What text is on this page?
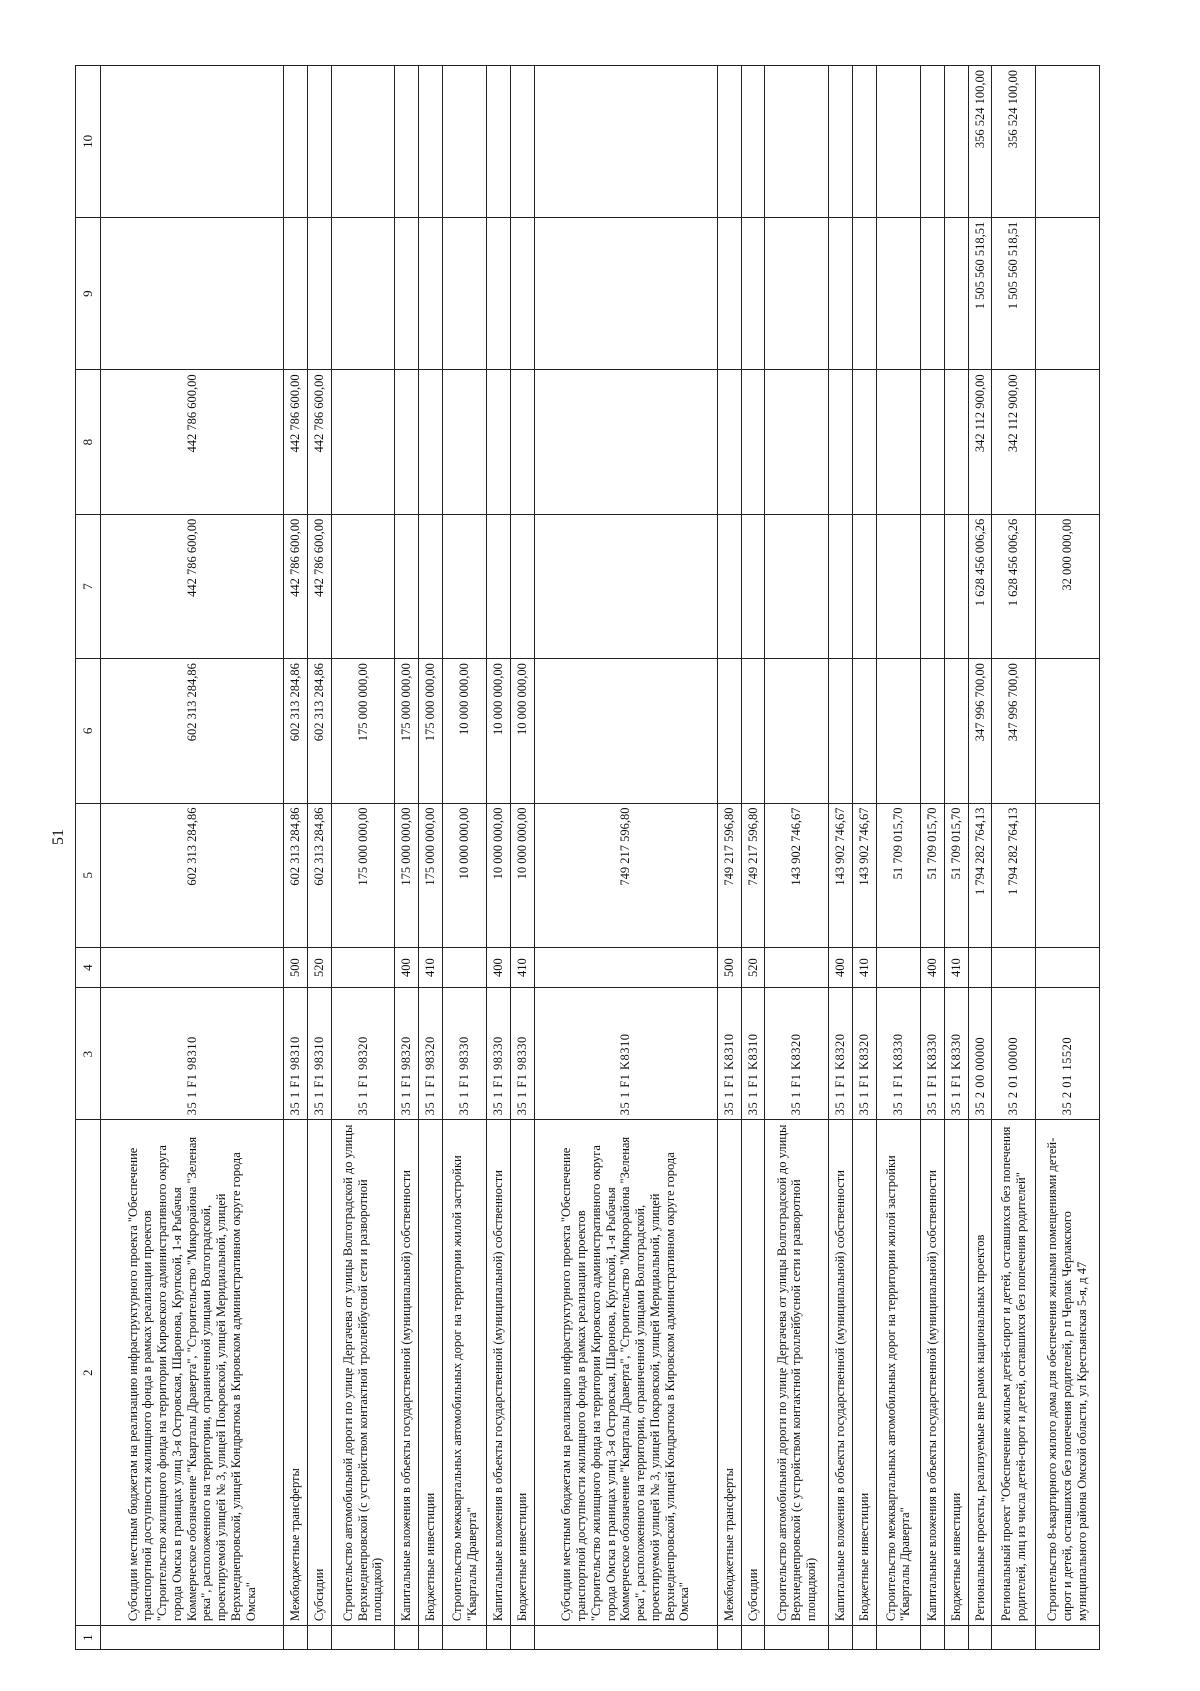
51
1	2	3	4	5	6	7	8	9	10
	Субсидии местным бюджетам на реализацию инфраструктурного проекта "Обеспечение транспортной доступности жилищного фонда в рамках реализации проектов "Строительство жилищного фонда на территории Кировского административного округа города Омска в границах улиц 3-я Островская, Шаронова, Крупской, 1-я Рыбачья Коммерческое обозначение "Кварталы Драверта", "Строительство "Микрорайона "Зеленая река", расположенного на территории, ограниченной улицами Волгоградской, проектируемой улицей № 3, улицей Покровской, улицей Меридиальной, улицей Верхнеднепровской, улицей Кондратюка в Кировском административном округе города Омска"	35 1 F1 98310		602 313 284,86	602 313 284,86	442 786 600,00	442 786 600,00		
	Межбюджетные трансферты	35 1 F1 98310	500	602 313 284,86	602 313 284,86	442 786 600,00	442 786 600,00		
	Субсидии	35 1 F1 98310	520	602 313 284,86	602 313 284,86	442 786 600,00	442 786 600,00		
	Строительство автомобильной дороги по улице Дергачева от улицы Волгоградской до улицы Верхнеднепровской (с устройством контактной троллейбусной сети и разворотной площадкой)	35 1 F1 98320		175 000 000,00	175 000 000,00				
	Капитальные вложения в объекты государственной (муниципальной) собственности	35 1 F1 98320	400	175 000 000,00	175 000 000,00				
	Бюджетные инвестиции	35 1 F1 98320	410	175 000 000,00	175 000 000,00				
	Строительство межквартальных автомобильных дорог на территории жилой застройки "Кварталы Драверта"	35 1 F1 98330		10 000 000,00	10 000 000,00				
	Капитальные вложения в объекты государственной (муниципальной) собственности	35 1 F1 98330	400	10 000 000,00	10 000 000,00				
	Бюджетные инвестиции	35 1 F1 98330	410	10 000 000,00	10 000 000,00				
	Субсидии местным бюджетам на реализацию инфраструктурного проекта "Обеспечение транспортной доступности жилищного фонда в рамках реализации проектов "Строительство жилищного фонда на территории Кировского административного округа города Омска в границах улиц 3-я Островская, Шаронова, Крупской, 1-я Рыбачья Коммерческое обозначение "Кварталы Драверта", "Строительство "Микрорайона "Зеленая река", расположенного на территории, ограниченной улицами Волгоградской, проектируемой улицей № 3, улицей Покровской, улицей Меридиальной, улицей Верхнеднепровской, улицей Кондратюка в Кировском административном округе города Омска"	35 1 F1 K8310		749 217 596,80					
	Межбюджетные трансферты	35 1 F1 K8310	500	749 217 596,80					
	Субсидии	35 1 F1 K8310	520	749 217 596,80					
	Строительство автомобильной дороги по улице Дергачева от улицы Волгоградской до улицы Верхнеднепровской (с устройством контактной троллейбусной сети и разворотной площадкой)	35 1 F1 K8320		143 902 746,67					
	Капитальные вложения в объекты государственной (муниципальной) собственности	35 1 F1 K8320	400	143 902 746,67					
	Бюджетные инвестиции	35 1 F1 K8320	410	143 902 746,67					
	Строительство межквартальных автомобильных дорог на территории жилой застройки "Кварталы Драверта"	35 1 F1 K8330		51 709 015,70					
	Капитальные вложения в объекты государственной (муниципальной) собственности	35 1 F1 K8330	400	51 709 015,70					
	Бюджетные инвестиции	35 1 F1 K8330	410	51 709 015,70					
	Региональные проекты, реализуемые вне рамок национальных проектов	35 2 00 00000		1 794 282 764,13	347 996 700,00	1 628 456 006,26	342 112 900,00	1 505 560 518,51	356 524 100,00
	Региональный проект "Обеспечение жильем детей-сирот и детей, оставшихся без попечения родителей, лиц из числа детей-сирот и детей, оставшихся без попечения родителей"	35 2 01 00000		1 794 282 764,13	347 996 700,00	1 628 456 006,26	342 112 900,00	1 505 560 518,51	356 524 100,00
	Строительство 8-квартирного жилого дома для обеспечения жилыми помещениями детей-сирот и детей, оставшихся без попечения родителей, р п Черлак Черлакского муниципального района Омской области, ул Крестьянская 5-я, д 47	35 2 01 15520				32 000 000,00			
